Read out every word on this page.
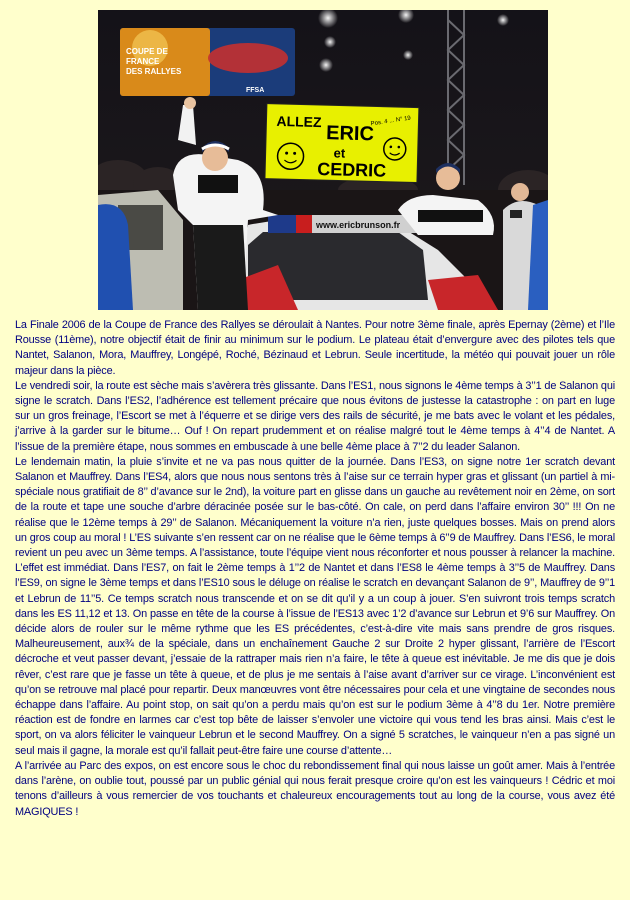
COUPE DE
FRANCE
DES RALLYES
FFSA
www.ericbrunson.fr
ALLEZ
ERIC
et
CEDRIC
Pos. 4 ... N° 19

La Finale 2006 de la Coupe de France des Rallyes se déroulait à Nantes. Pour notre 3ème finale, après Epernay (2ème) et l’Ile Rousse (11ème), notre objectif était de finir au minimum sur le podium. Le plateau était d’envergure avec des pilotes tels que Nantet, Salanon, Mora, Mauffrey, Longépé, Roché, Bézinaud et Lebrun. Seule incertitude, la météo qui pouvait jouer un rôle majeur dans la pièce.

Le vendredi soir, la route est sèche mais s’avèrera très glissante. Dans l’ES1, nous signons le 4ème temps à 3’’1 de Salanon qui signe le scratch. Dans l’ES2, l’adhérence est tellement précaire que nous évitons de justesse la catastrophe : on part en luge sur un gros freinage, l’Escort se met à l’équerre et se dirige vers des rails de sécurité, je me bats avec le volant et les pédales, j’arrive à la garder sur le bitume… Ouf ! On repart prudemment et on réalise malgré tout le 4ème temps à 4’’4 de Nantet. A l’issue de la première étape, nous sommes en embuscade à une belle 4ème place à 7’’2 du leader Salanon.

Le lendemain matin, la pluie s’invite et ne va pas nous quitter de la journée. Dans l’ES3, on signe notre 1er scratch devant Salanon et Mauffrey. Dans l’ES4, alors que nous nous sentons très à l’aise sur ce terrain hyper gras et glissant (un partiel à mi-spéciale nous gratifiait de 8’’ d’avance sur le 2nd), la voiture part en glisse dans un gauche au revêtement noir en 2ème, on sort de la route et tape une souche d’arbre déracinée posée sur le bas-côté. On cale, on perd dans l’affaire environ 30’’ !!! On ne réalise que le 12ème temps à 29’’ de Salanon. Mécaniquement la voiture n’a rien, juste quelques bosses. Mais on prend alors un gros coup au moral ! L’ES suivante s’en ressent car on ne réalise que le 6ème temps à 6’’9 de Mauffrey. Dans l’ES6, le moral revient un peu avec un 3ème temps. A l’assistance, toute l’équipe vient nous réconforter et nous pousser à relancer la machine. L’effet est immédiat. Dans l’ES7, on fait le 2ème temps à 1’’2 de Nantet et dans l’ES8 le 4ème temps à 3’’5 de Mauffrey. Dans l’ES9, on signe le 3ème temps et dans l’ES10 sous le déluge on réalise le scratch en devançant Salanon de 9’’, Mauffrey de 9’’1 et Lebrun de 11’’5. Ce temps scratch nous transcende et on se dit qu’il y a un coup à jouer. S’en suivront trois temps scratch dans les ES 11,12 et 13. On passe en tête de la course à l’issue de l’ES13 avec 1’2 d’avance sur Lebrun et 9’6 sur Mauffrey. On décide alors de rouler sur le même rythme que les ES précédentes, c’est-à-dire vite mais sans prendre de gros risques. Malheureusement, aux¾ de la spéciale, dans un enchaînement Gauche 2 sur Droite 2 hyper glissant, l’arrière de l’Escort décroche et veut passer devant, j’essaie de la rattraper mais rien n’a faire, le tête à queue est inévitable. Je me dis que je dois rêver, c’est rare que je fasse un tête à queue, et de plus je me sentais à l’aise avant d’arriver sur ce virage. L’inconvénient est qu’on se retrouve mal placé pour repartir. Deux manœuvres vont être nécessaires pour cela et une vingtaine de secondes nous échappe dans l’affaire. Au point stop, on sait qu’on a perdu mais qu’on est sur le podium 3ème à 4’’8 du 1er. Notre première réaction est de fondre en larmes car c’est top bête de laisser s’envoler une victoire qui vous tend les bras ainsi. Mais c’est le sport, on va alors féliciter le vainqueur Lebrun et le second Mauffrey. On a signé 5 scratches, le vainqueur n’en a pas signé un seul mais il gagne, la morale est qu’il fallait peut-être faire une course d’attente…

A l’arrivée au Parc des expos, on est encore sous le choc du rebondissement final qui nous laisse un goût amer. Mais à l’entrée dans l’arène, on oublie tout, poussé par un public génial qui nous ferait presque croire qu’on est les vainqueurs ! Cédric et moi tenons d’ailleurs à vous remercier de vos touchants et chaleureux encouragements tout au long de la course, vous avez été MAGIQUES !
